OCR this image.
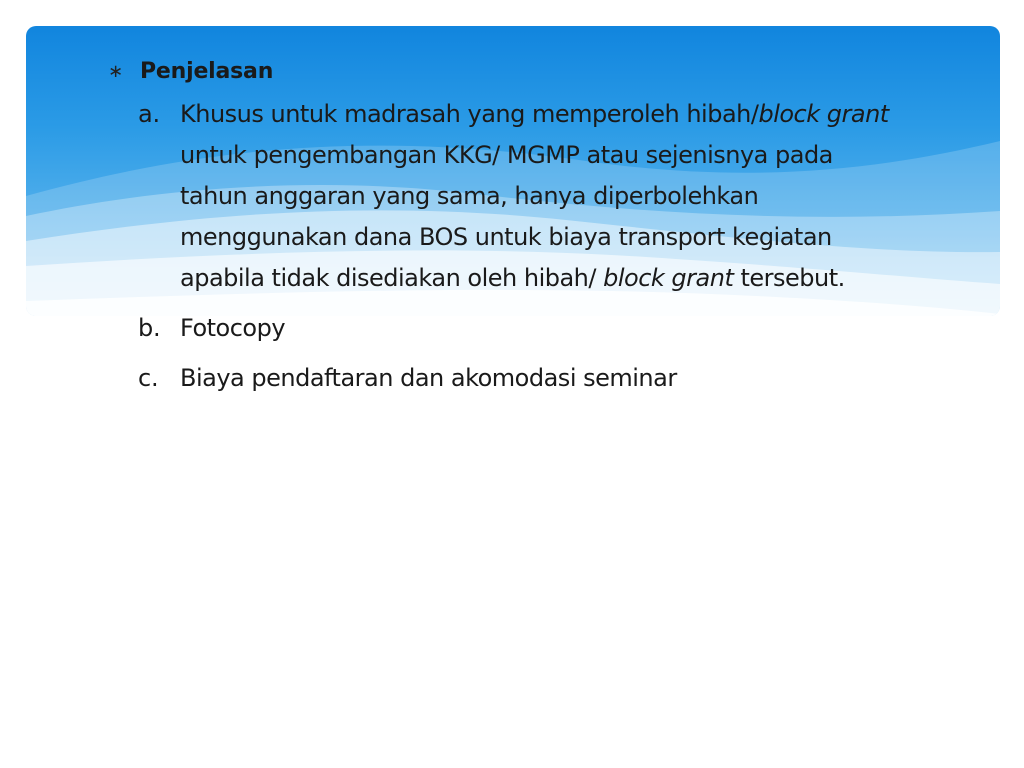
∗ Penjelasan
a. Khusus untuk madrasah yang memperoleh hibah/block grant untuk pengembangan KKG/ MGMP atau sejenisnya pada tahun anggaran yang sama, hanya diperbolehkan menggunakan dana BOS untuk biaya transport kegiatan apabila tidak disediakan oleh hibah/ block grant tersebut.
b. Fotocopy
c. Biaya pendaftaran dan akomodasi seminar
